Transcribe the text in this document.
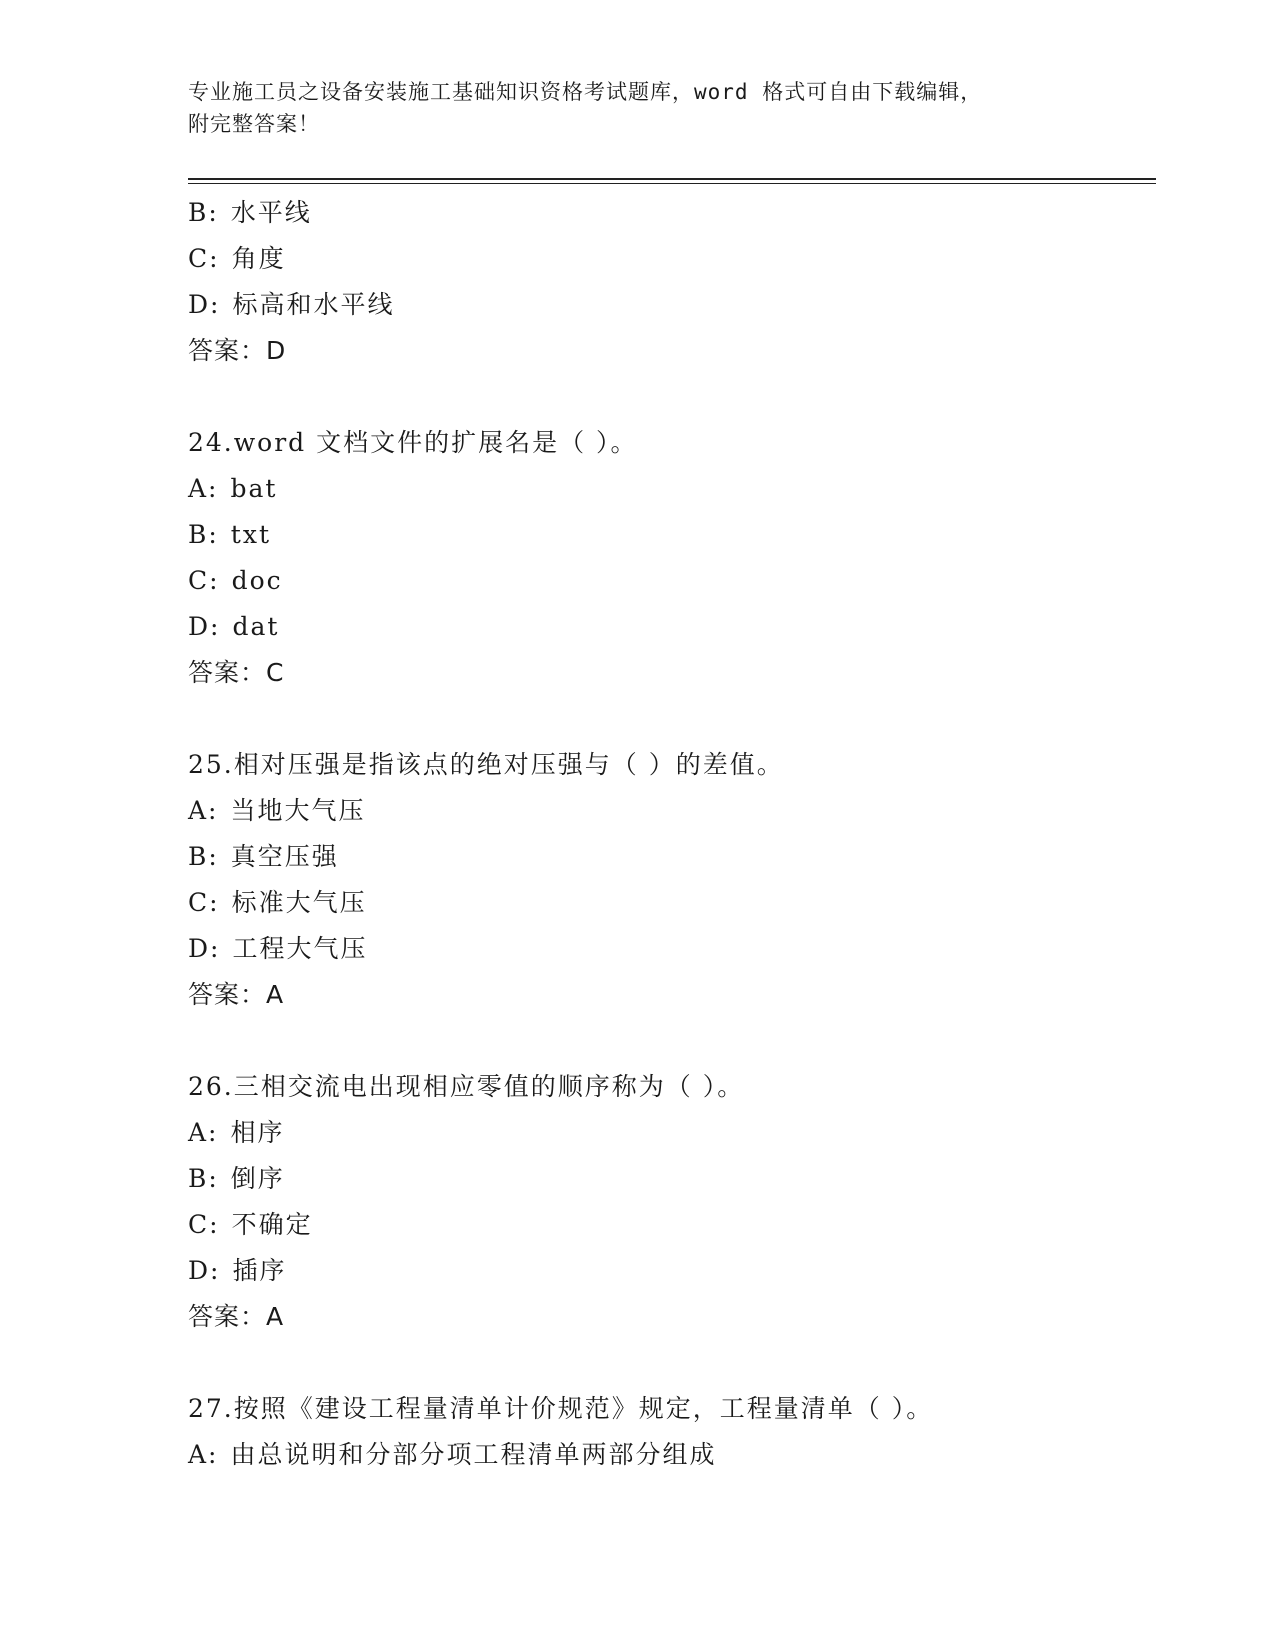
专业施工员之设备安装施工基础知识资格考试题库，word 格式可自由下载编辑，
附完整答案！
B: 水平线
C: 角度
D: 标高和水平线
答案：D
24.word 文档文件的扩展名是（ ）。
A: bat
B: txt
C: doc
D: dat
答案：C
25.相对压强是指该点的绝对压强与（ ）的差值。
A: 当地大气压
B: 真空压强
C: 标准大气压
D: 工程大气压
答案：A
26.三相交流电出现相应零值的顺序称为（ ）。
A: 相序
B: 倒序
C: 不确定
D: 插序
答案：A
27.按照《建设工程量清单计价规范》规定，工程量清单（ ）。
A: 由总说明和分部分项工程清单两部分组成
